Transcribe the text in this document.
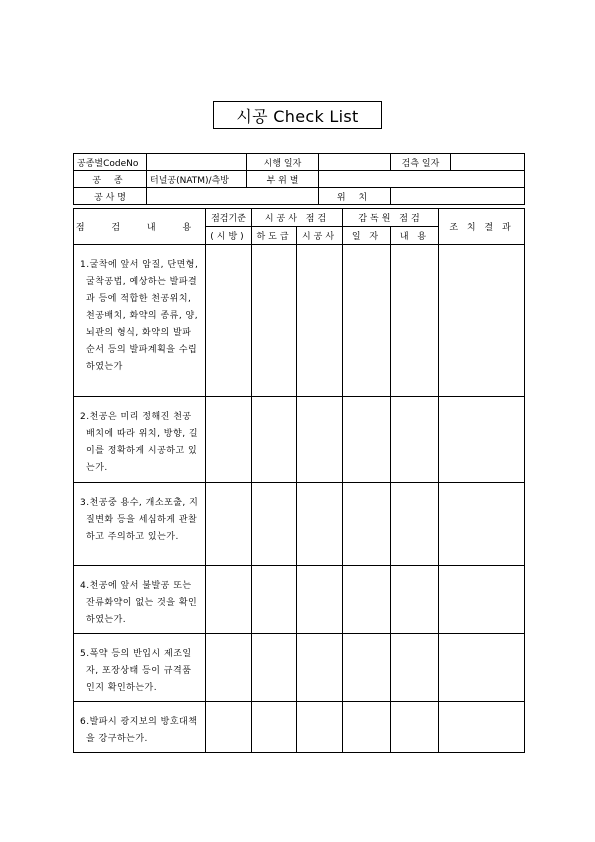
시공 Check List
공종별CodeNo		시행 일자		검측 일자	
공 종	터널공(NATM)/측방	부 위 별			
공 사 명			위 치		
점 검 내 용	점검기준	시공사 점검		감독원 점검		조 치 결 과
	(시방)	하도급	시공사	일 자	내 용	

1.굴착에 앞서 암질, 단면형, 굴착공법, 예상하는 발파결과 등에 적합한 천공위치, 천공배치, 화약의 종류, 양, 뇌관의 형식, 화약의 발파순서 등의 발파계획을 수립하였는가						

2.천공은 미리 정해진 천공배치에 따라 위치, 방향, 길이를 정확하게 시공하고 있는가.						

3.천공중 용수, 개소포출, 지질변화 등을 세심하게 관찰하고 주의하고 있는가.						

4.천공에 앞서 불발공 또는 잔류화약이 없는 것을 확인하였는가.						

5.폭약 등의 반입시 제조일자, 포장상태 등이 규격품인지 확인하는가.						

6.발파시 광지보의 방호대책을 강구하는가.						
